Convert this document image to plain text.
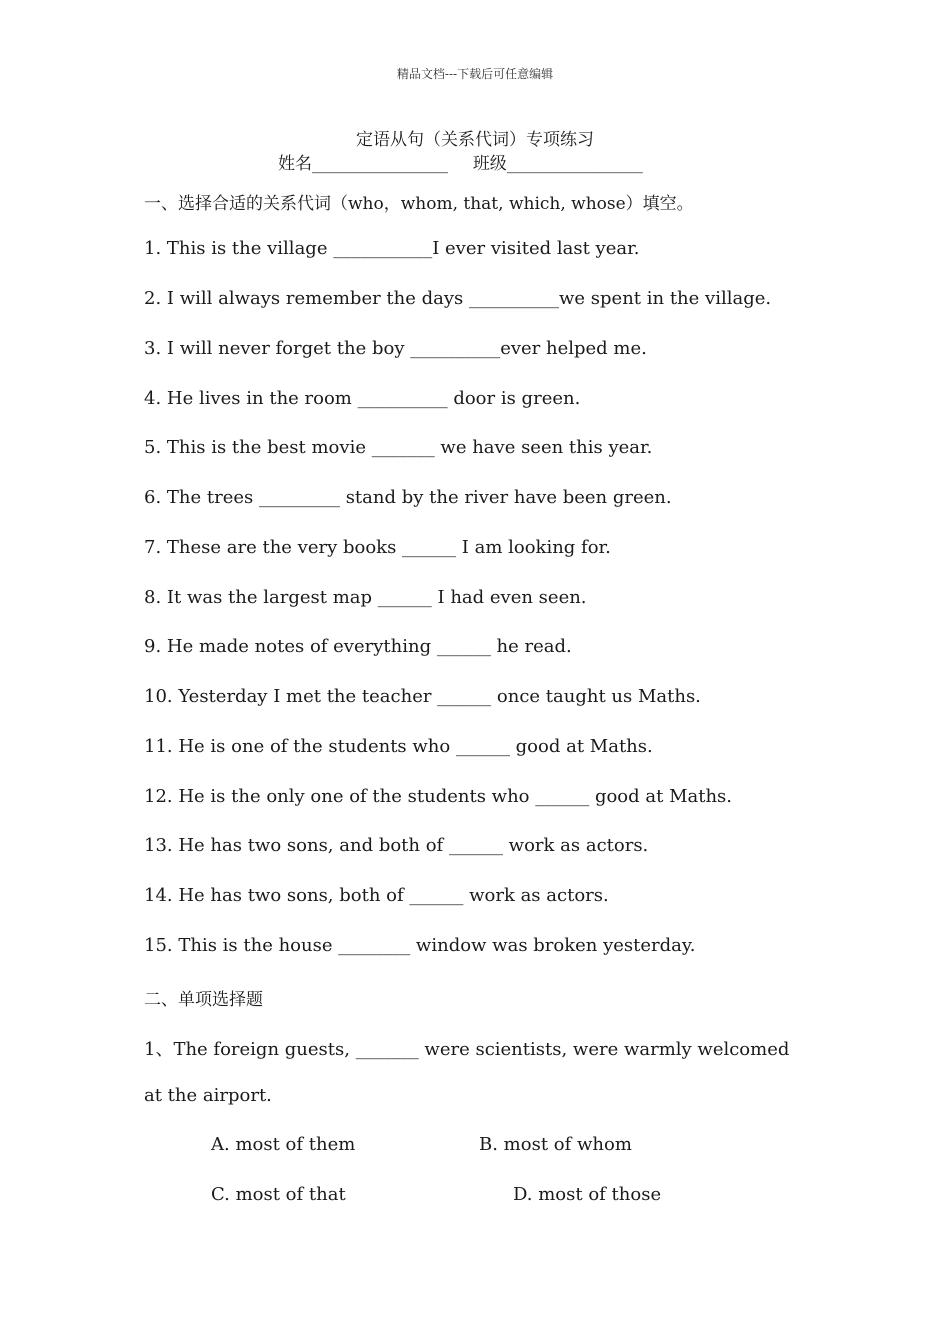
精品文档---下载后可任意编辑
定语从句（关系代词）专项练习
姓名________________ 班级________________
一、选择合适的关系代词（who，whom, that, which, whose）填空。
1. This is the village ___________I ever visited last year.
2. I will always remember the days __________we spent in the village.
3. I will never forget the boy __________ever helped me.
4. He lives in the room __________ door is green.
5. This is the best movie _______ we have seen this year.
6. The trees _________ stand by the river have been green.
7. These are the very books ______ I am looking for.
8. It was the largest map ______ I had even seen.
9. He made notes of everything ______ he read.
10. Yesterday I met the teacher ______ once taught us Maths.
11. He is one of the students who ______ good at Maths.
12. He is the only one of the students who ______ good at Maths.
13. He has two sons, and both of ______ work as actors.
14. He has two sons, both of ______ work as actors.
15. This is the house ________ window was broken yesterday.
二、单项选择题
1、The foreign guests, _______ were scientists, were warmly welcomed
at the airport.
A. most of them	B. most of whom
C. most of that	D. most of those
